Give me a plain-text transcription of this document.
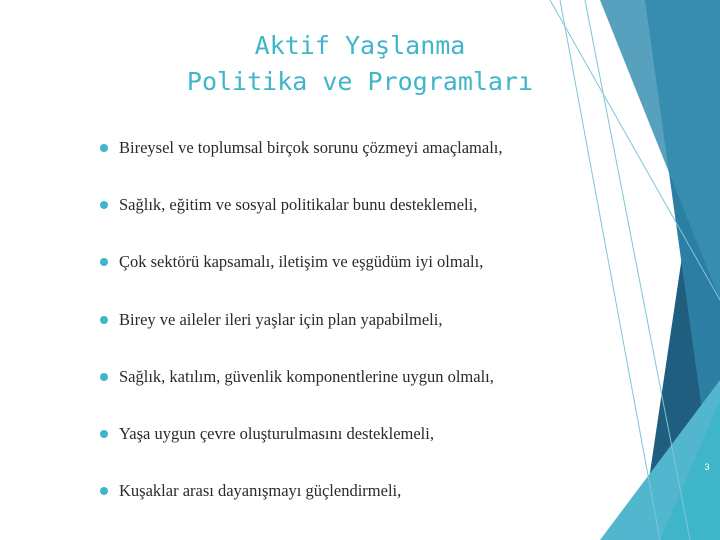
Aktif Yaşlanma
Politika ve Programları
Bireysel ve toplumsal birçok sorunu çözmeyi amaçlamalı,
Sağlık, eğitim ve sosyal politikalar bunu desteklemeli,
Çok sektörü kapsamalı, iletişim ve eşgüdüm iyi olmalı,
Birey ve aileler ileri yaşlar için plan yapabilmeli,
Sağlık, katılım, güvenlik komponentlerine uygun olmalı,
Yaşa uygun çevre oluşturulmasını desteklemeli,
Kuşaklar arası dayanışmayı güçlendirmeli,
3
